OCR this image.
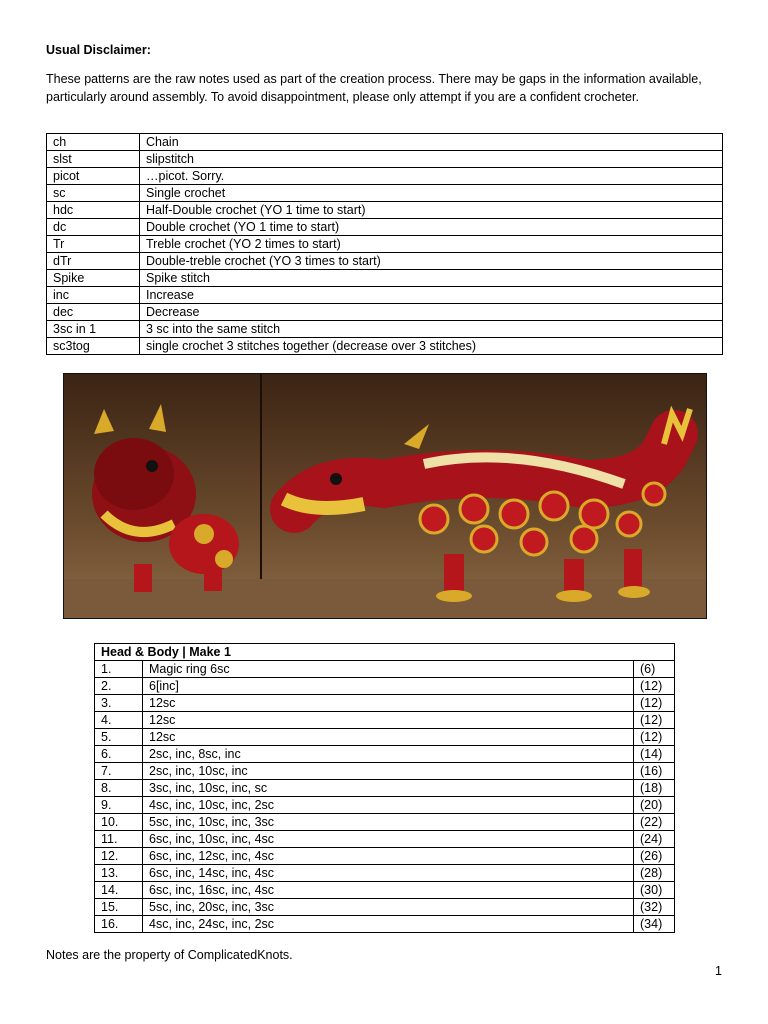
Usual Disclaimer:
These patterns are the raw notes used as part of the creation process. There may be gaps in the information available, particularly around assembly. To avoid disappointment, please only attempt if you are a confident crocheter.
ch	Chain
slst	slipstitch
picot	…picot. Sorry.
sc	Single crochet
hdc	Half-Double crochet (YO 1 time to start)
dc	Double crochet (YO 1 time to start)
Tr	Treble crochet (YO 2 times to start)
dTr	Double-treble crochet (YO 3 times to start)
Spike	Spike stitch
inc	Increase
dec	Decrease
3sc in 1	3 sc into the same stitch
sc3tog	single crochet 3 stitches together (decrease over 3 stitches)
Head & Body | Make 1		
1.	Magic ring 6sc	(6)
2.	6[inc]	(12)
3.	12sc	(12)
4.	12sc	(12)
5.	12sc	(12)
6.	2sc, inc, 8sc, inc	(14)
7.	2sc, inc, 10sc, inc	(16)
8.	3sc, inc, 10sc, inc, sc	(18)
9.	4sc, inc, 10sc, inc, 2sc	(20)
10.	5sc, inc, 10sc, inc, 3sc	(22)
11.	6sc, inc, 10sc, inc, 4sc	(24)
12.	6sc, inc, 12sc, inc, 4sc	(26)
13.	6sc, inc, 14sc, inc, 4sc	(28)
14.	6sc, inc, 16sc, inc, 4sc	(30)
15.	5sc, inc, 20sc, inc, 3sc	(32)
16.	4sc, inc, 24sc, inc, 2sc	(34)
Notes are the property of ComplicatedKnots.
1
